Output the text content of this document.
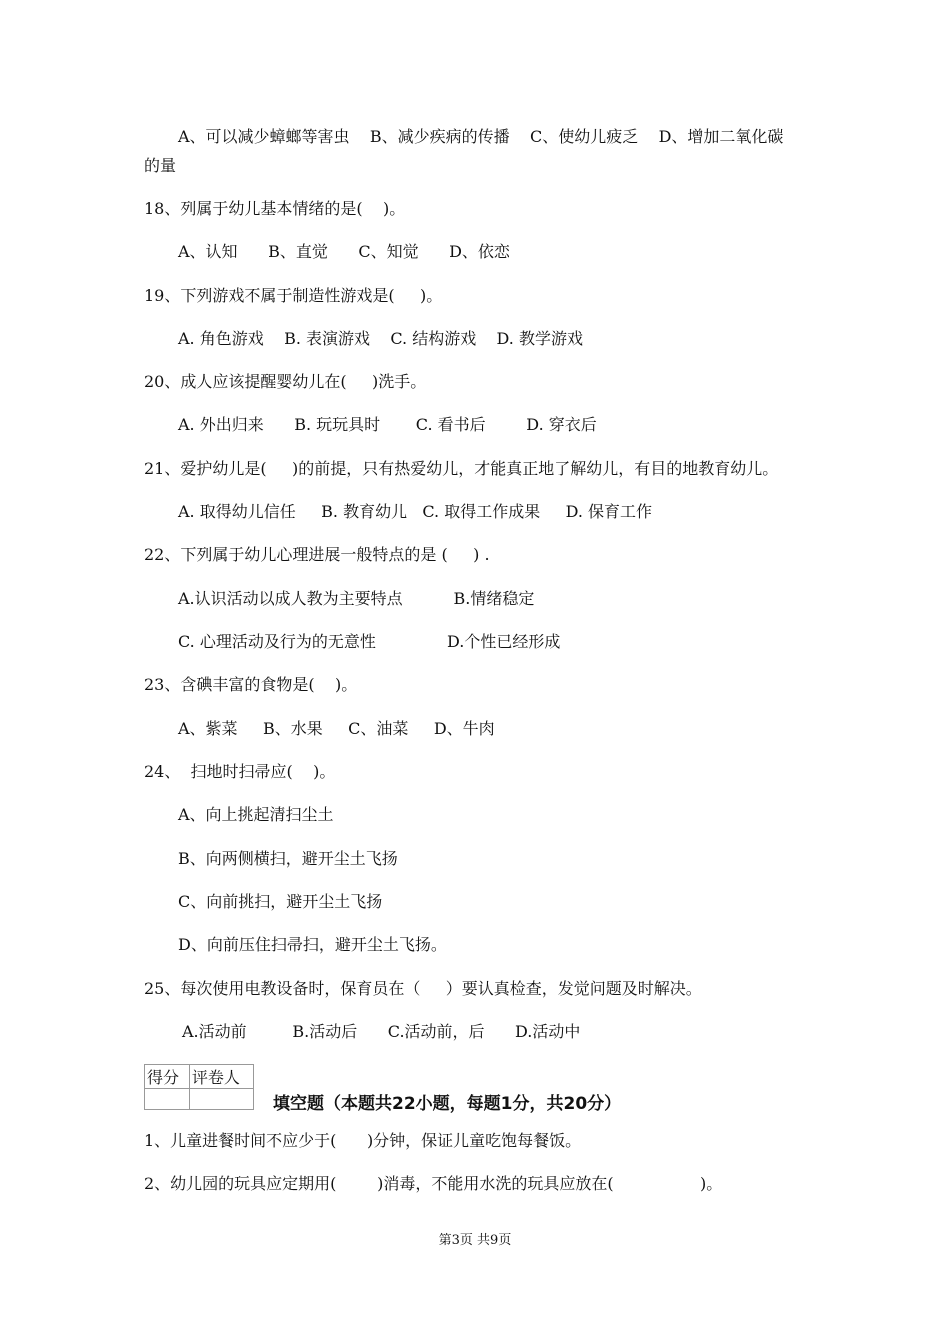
A、可以减少蟑螂等害虫    B、减少疾病的传播    C、使幼儿疲乏    D、增加二氧化碳
的量
18、列属于幼儿基本情绪的是(    )。
A、认知      B、直觉      C、知觉      D、依恋
19、下列游戏不属于制造性游戏是(     )。
A. 角色游戏    B. 表演游戏    C. 结构游戏    D. 教学游戏
20、成人应该提醒婴幼儿在(     )洗手。
A. 外出归来      B. 玩玩具时       C. 看书后        D. 穿衣后
21、爱护幼儿是(     )的前提，只有热爱幼儿，才能真正地了解幼儿，有目的地教育幼儿。
A. 取得幼儿信任     B. 教育幼儿   C. 取得工作成果     D. 保育工作
22、下列属于幼儿心理进展一般特点的是 (     ) .
A.认识活动以成人教为主要特点          B.情绪稳定
C. 心理活动及行为的无意性              D.个性已经形成
23、含碘丰富的食物是(    )。
A、紫菜     B、水果     C、油菜     D、牛肉
24、  扫地时扫帚应(    )。
A、向上挑起清扫尘土
B、向两侧横扫，避开尘土飞扬
C、向前挑扫，避开尘土飞扬
D、向前压住扫帚扫，避开尘土飞扬。
25、每次使用电教设备时，保育员在（     ）要认真检查，发觉问题及时解决。
A.活动前         B.活动后      C.活动前，后      D.活动中
1、儿童进餐时间不应少于(      )分钟，保证儿童吃饱每餐饭。
2、幼儿园的玩具应定期用(        )消毒，不能用水洗的玩具应放在(                 )。
得分	评卷人

填空题（本题共22小题，每题1分，共20分）
第3页 共9页
